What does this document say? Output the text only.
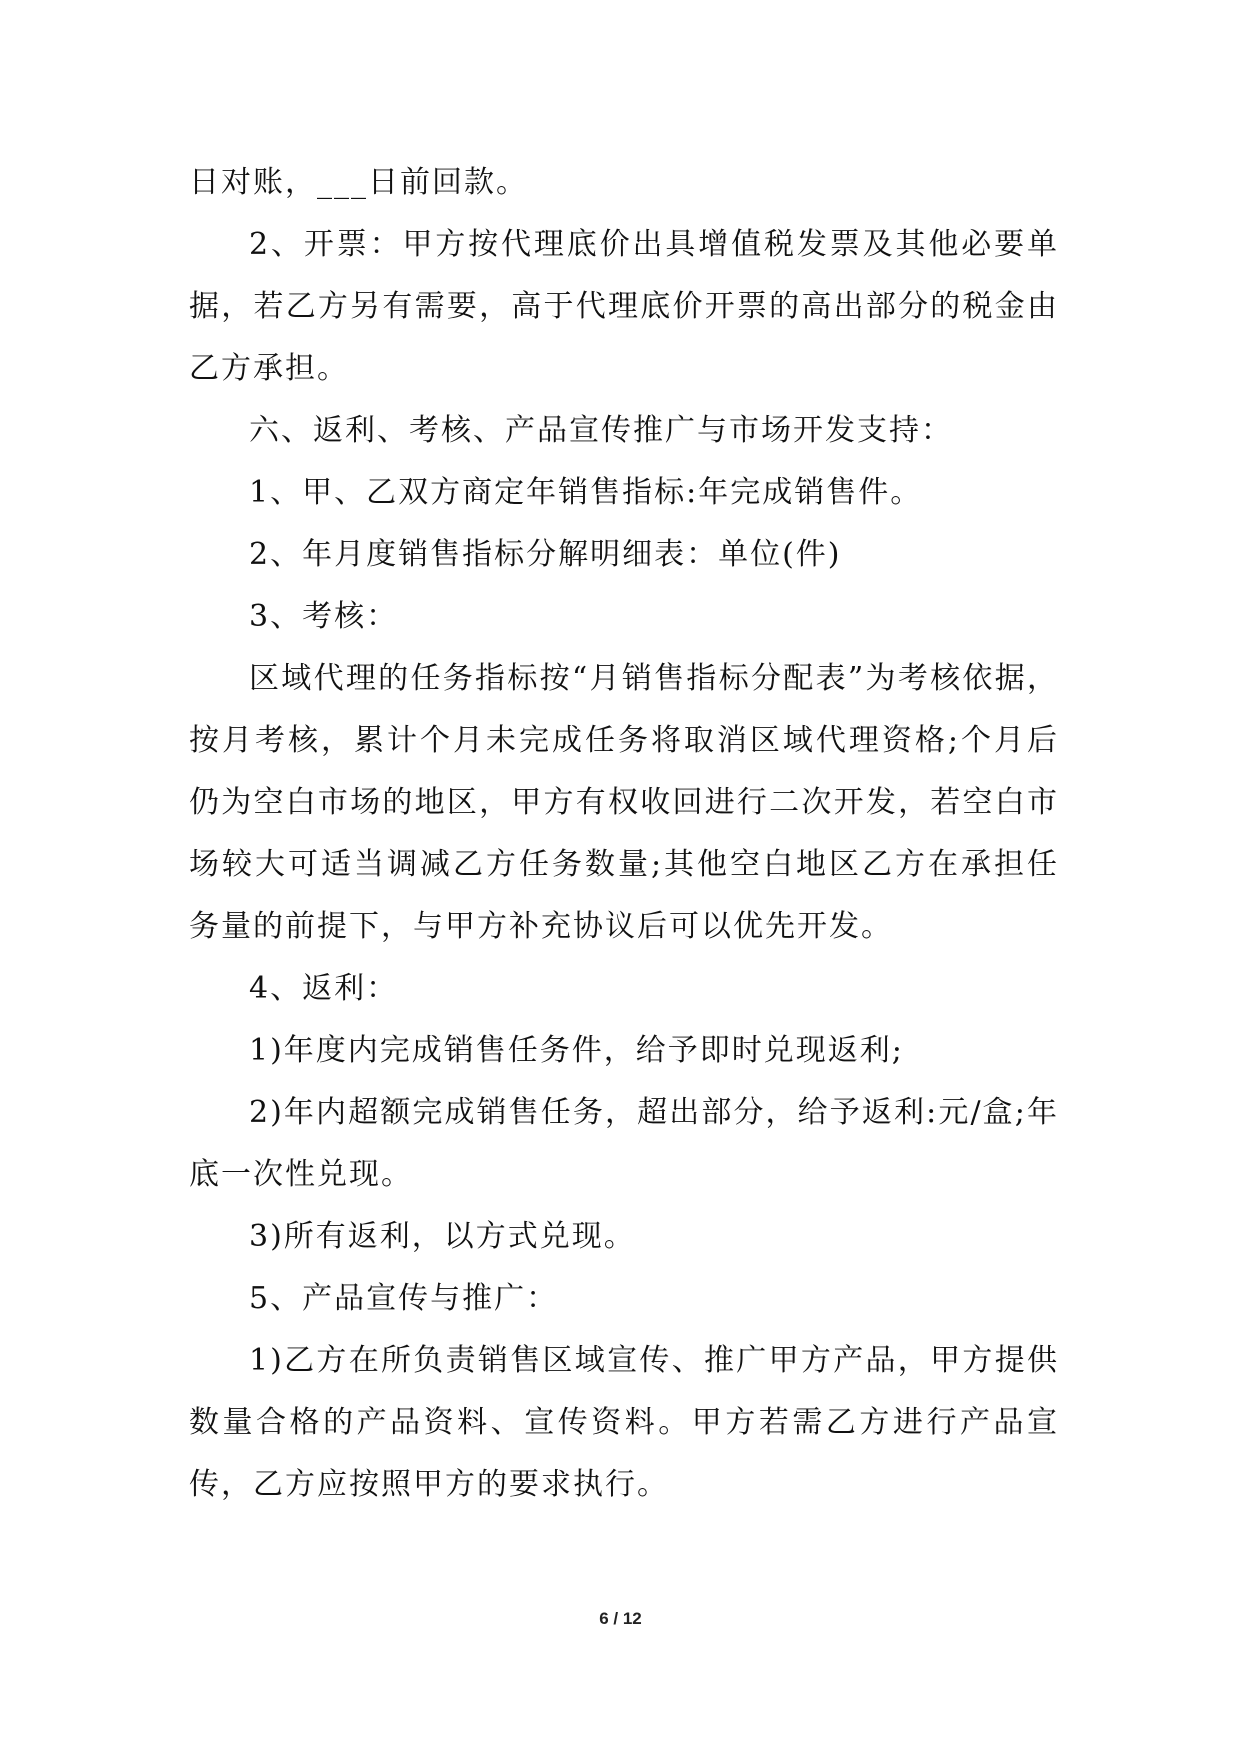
日对账，___日前回款。

2、开票：甲方按代理底价出具增值税发票及其他必要单据，若乙方另有需要，高于代理底价开票的高出部分的税金由乙方承担。

六、返利、考核、产品宣传推广与市场开发支持：

1、甲、乙双方商定年销售指标:年完成销售件。

2、年月度销售指标分解明细表：单位(件)

3、考核：

区域代理的任务指标按“月销售指标分配表”为考核依据，按月考核，累计个月未完成任务将取消区域代理资格;个月后仍为空白市场的地区，甲方有权收回进行二次开发，若空白市场较大可适当调减乙方任务数量;其他空白地区乙方在承担任务量的前提下，与甲方补充协议后可以优先开发。

4、返利：

1)年度内完成销售任务件，给予即时兑现返利;

2)年内超额完成销售任务，超出部分，给予返利:元/盒;年底一次性兑现。

3)所有返利，以方式兑现。

5、产品宣传与推广：

1)乙方在所负责销售区域宣传、推广甲方产品，甲方提供数量合格的产品资料、宣传资料。甲方若需乙方进行产品宣传，乙方应按照甲方的要求执行。

6 / 12
